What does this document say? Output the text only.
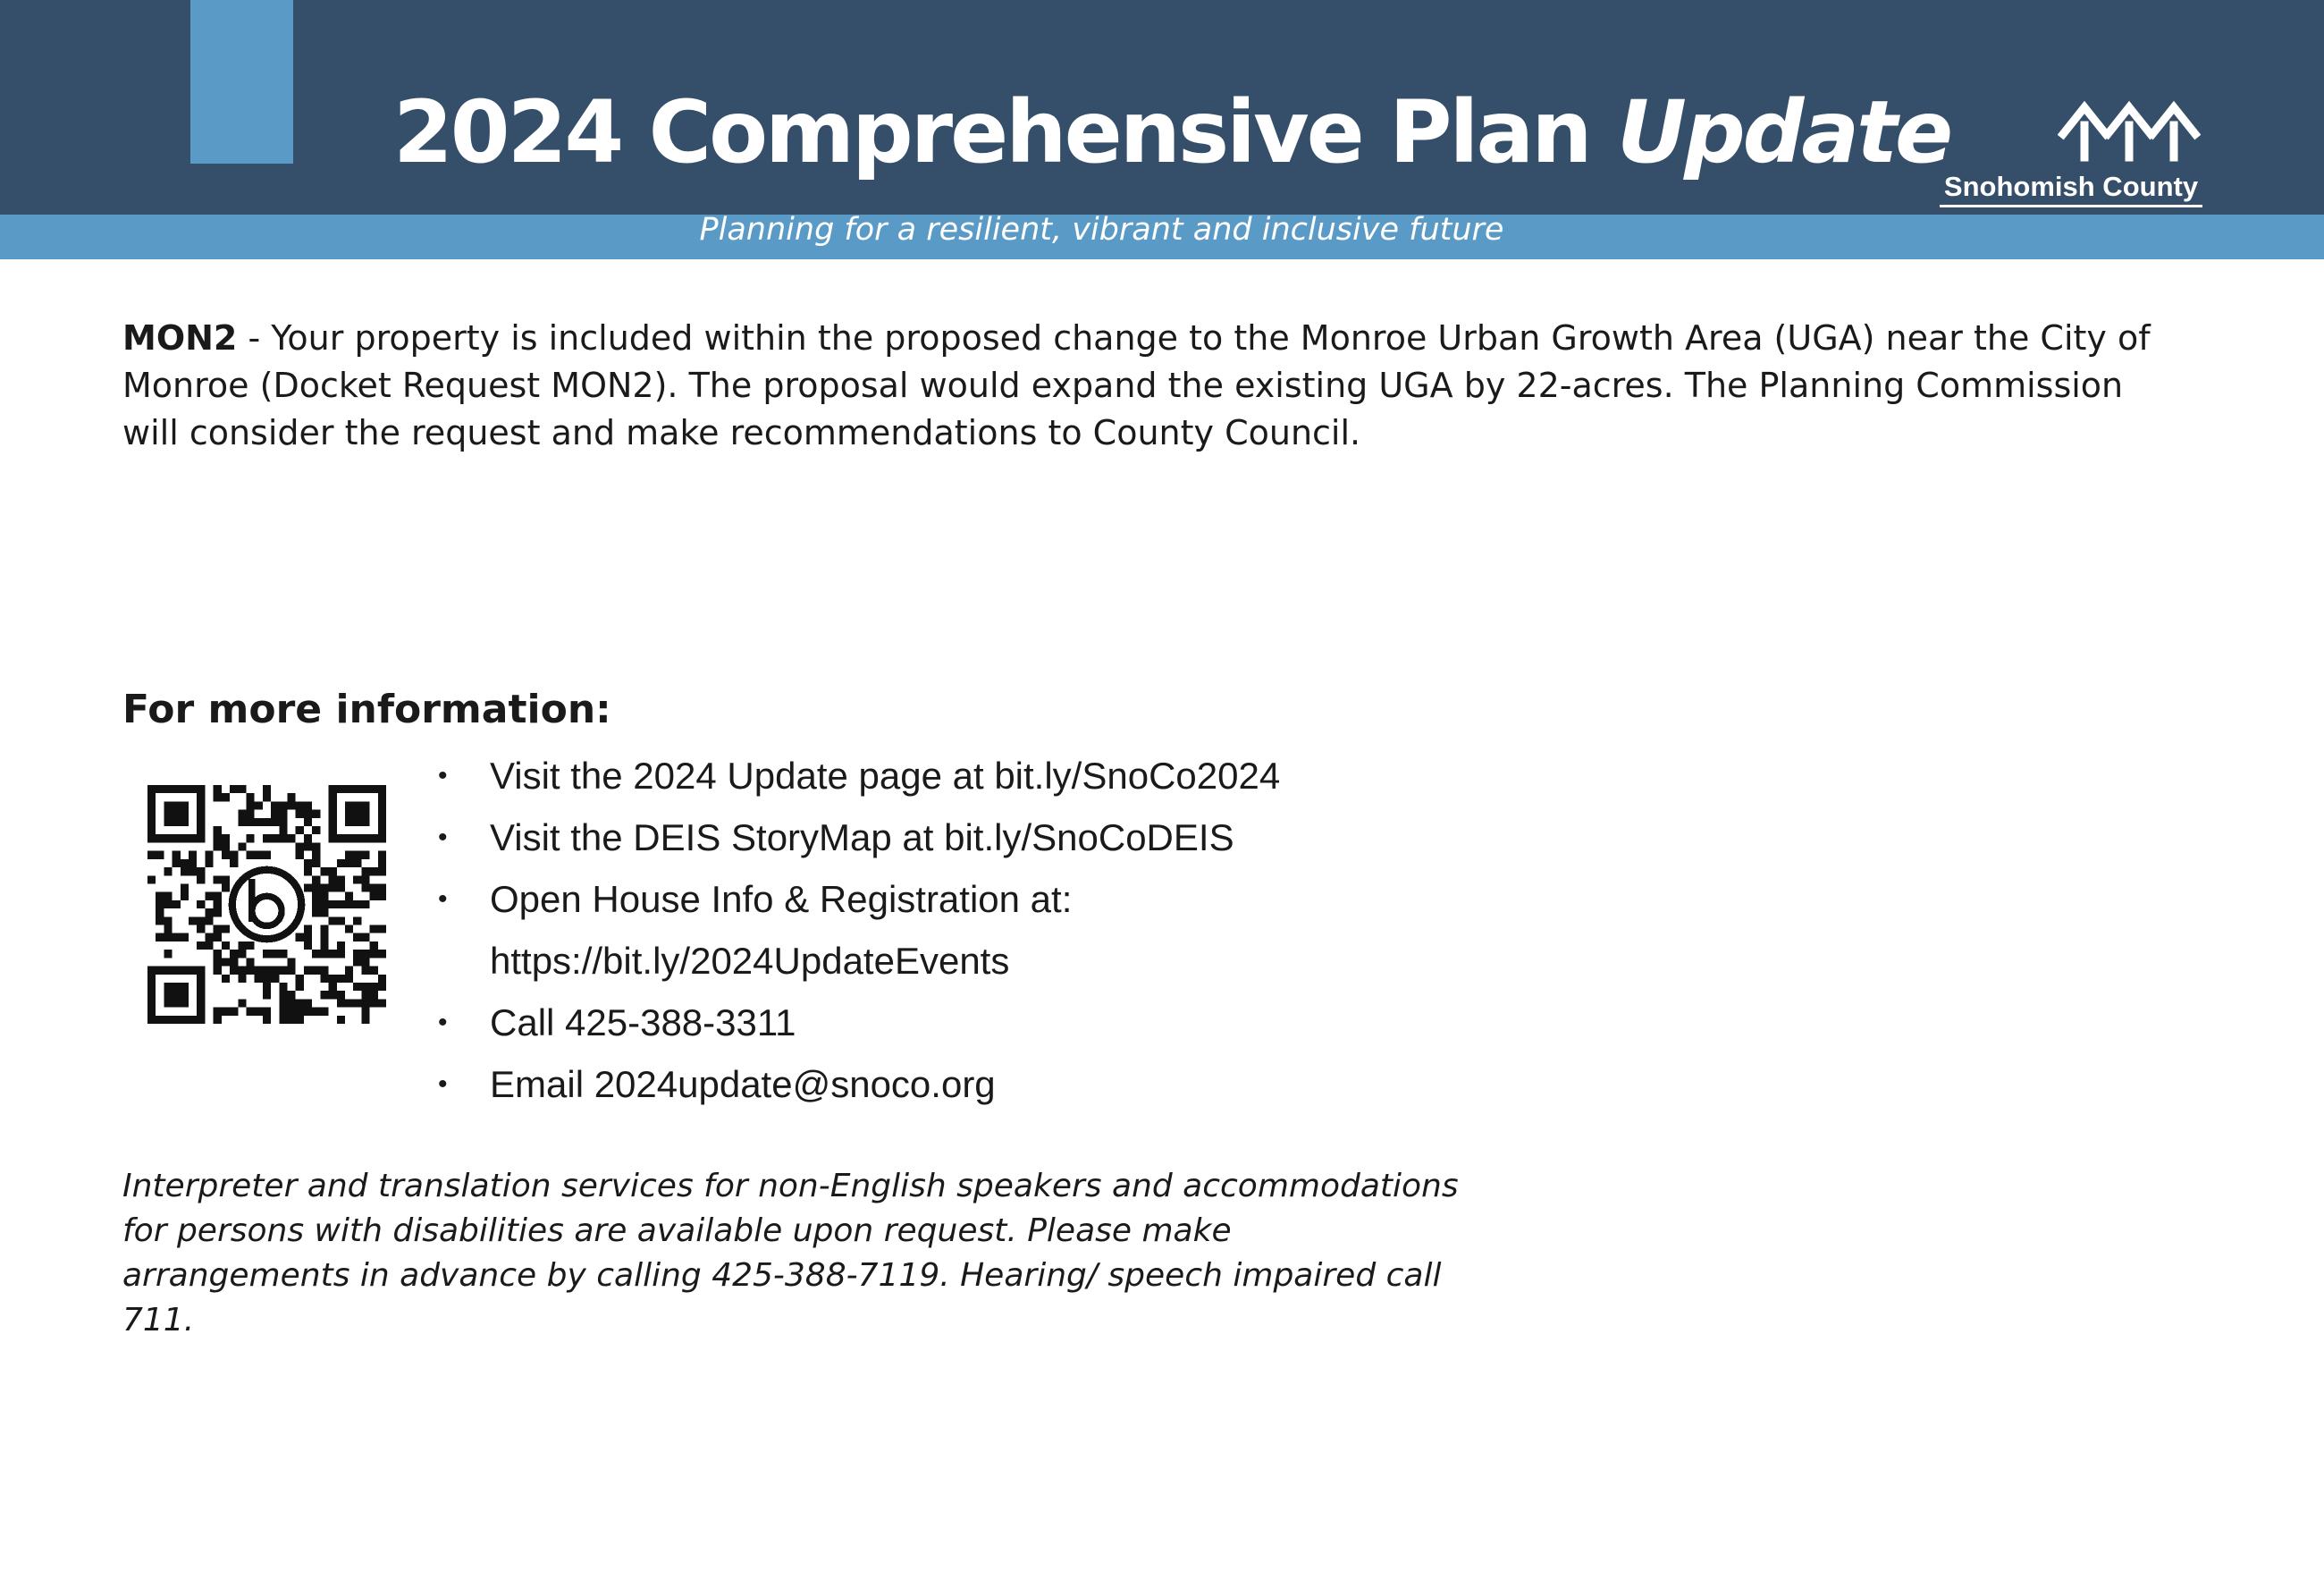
2024 Comprehensive Plan Update
Snohomish County
Planning for a resilient, vibrant and inclusive future

MON2 - Your property is included within the proposed change to the Monroe Urban Growth Area (UGA) near the City of Monroe (Docket Request MON2). The proposal would expand the existing UGA by 22-acres. The Planning Commission will consider the request and make recommendations to County Council.

For more information:
•	Visit the 2024 Update page at bit.ly/SnoCo2024
•	Visit the DEIS StoryMap at bit.ly/SnoCoDEIS
•	Open House Info & Registration at:
https://bit.ly/2024UpdateEvents
•	Call 425-388-3311
•	Email 2024update@snoco.org

Interpreter and translation services for non-English speakers and accommodations for persons with disabilities are available upon request. Please make arrangements in advance by calling 425-388-7119. Hearing/ speech impaired call 711.
